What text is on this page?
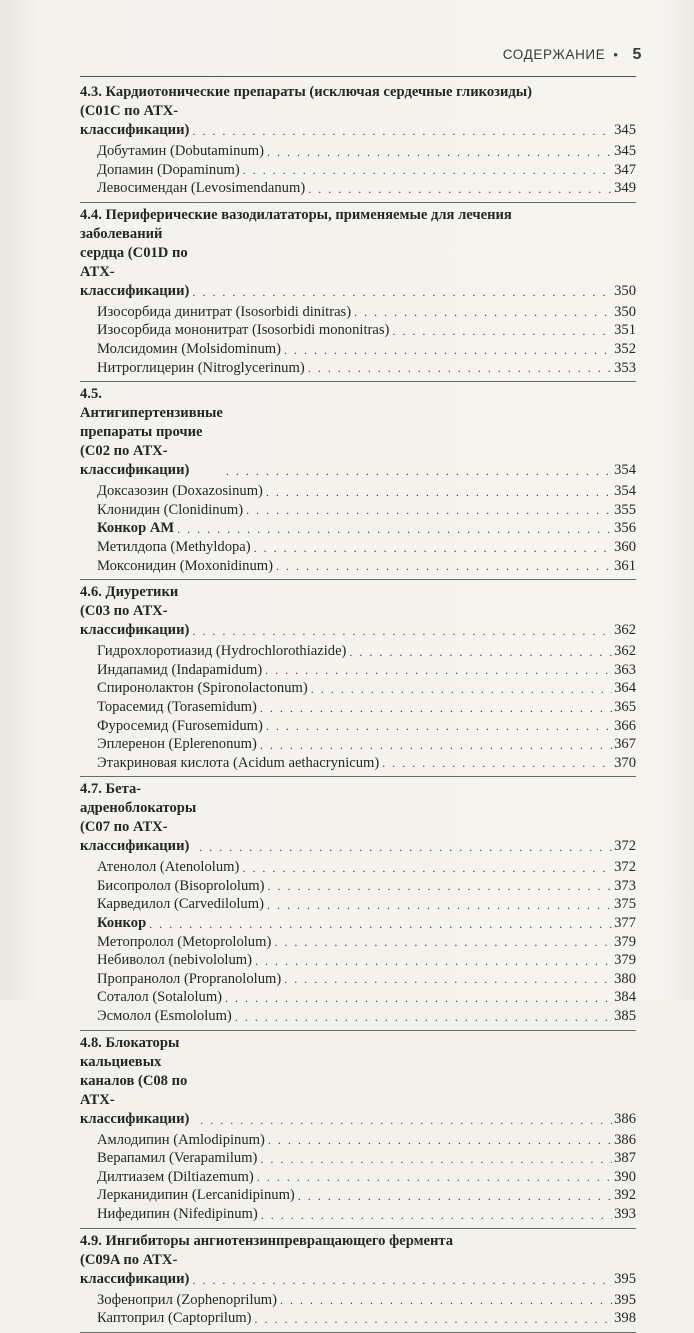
СОДЕРЖАНИЕ • 5
4.3. Кардиотонические препараты (исключая сердечные гликозиды)
(C01C по ATX-классификации) . . .	345
Добутамин (Dobutaminum) . . .	345
Допамин (Dopaminum) . . .	347
Левосимендан (Levosimendanum) . . .	349
4.4. Периферические вазодилататоры, применяемые для лечения
заболеваний сердца (C01D по ATX-классификации) . . .	350
Изосорбида динитрат (Isosorbidi dinitras) . . .	350
Изосорбида мононитрат (Isosorbidi mononitras) . . .	351
Молсидомин (Molsidominum) . . .	352
Нитроглицерин (Nitroglycerinum) . . .	353
4.5. Антигипертензивные препараты прочие (C02 по ATX-классификации) . . .	354
Доксазозин (Doxazosinum) . . .	354
Клонидин (Clonidinum) . . .	355
Конкор АМ . . .	356
Метилдопа (Methyldopa) . . .	360
Моксонидин (Moxonidinum) . . .	361
4.6. Диуретики (C03 по ATX-классификации) . . .	362
Гидрохлоротиазид (Hydrochlorothiazide) . . .	362
Индапамид (Indapamidum) . . .	363
Спиронолактон (Spironolactonum) . . .	364
Торасемид (Torasemidum) . . .	365
Фуросемид (Furosemidum) . . .	366
Эплеренон (Eplerenonum) . . .	367
Этакриновая кислота (Acidum aethacrynicum) . . .	370
4.7. Бета-адреноблокаторы (C07 по ATX-классификации) . . .	372
Атенолол (Atenololum) . . .	372
Бисопролол (Bisoprololum) . . .	373
Карведилол (Carvedilolum) . . .	375
Конкор . . .	377
Метопролол (Metoprololum) . . .	379
Небиволол (nebivololum) . . .	379
Пропранолол (Propranololum) . . .	380
Соталол (Sotalolum) . . .	384
Эсмолол (Esmololum) . . .	385
4.8. Блокаторы кальциевых каналов (C08 по ATX-классификации) . . .	386
Амлодипин (Amlodipinum) . . .	386
Верапамил (Verapamilum) . . .	387
Дилтиазем (Diltiazemum) . . .	390
Лерканидипин (Lercanidipinum) . . .	392
Нифедипин (Nifedipinum) . . .	393
4.9. Ингибиторы ангиотензинпревращающего фермента
(C09A по ATX-классификации) . . .	395
Зофеноприл (Zophenoprilum) . . .	395
Каптоприл (Captoprilum) . . .	398
